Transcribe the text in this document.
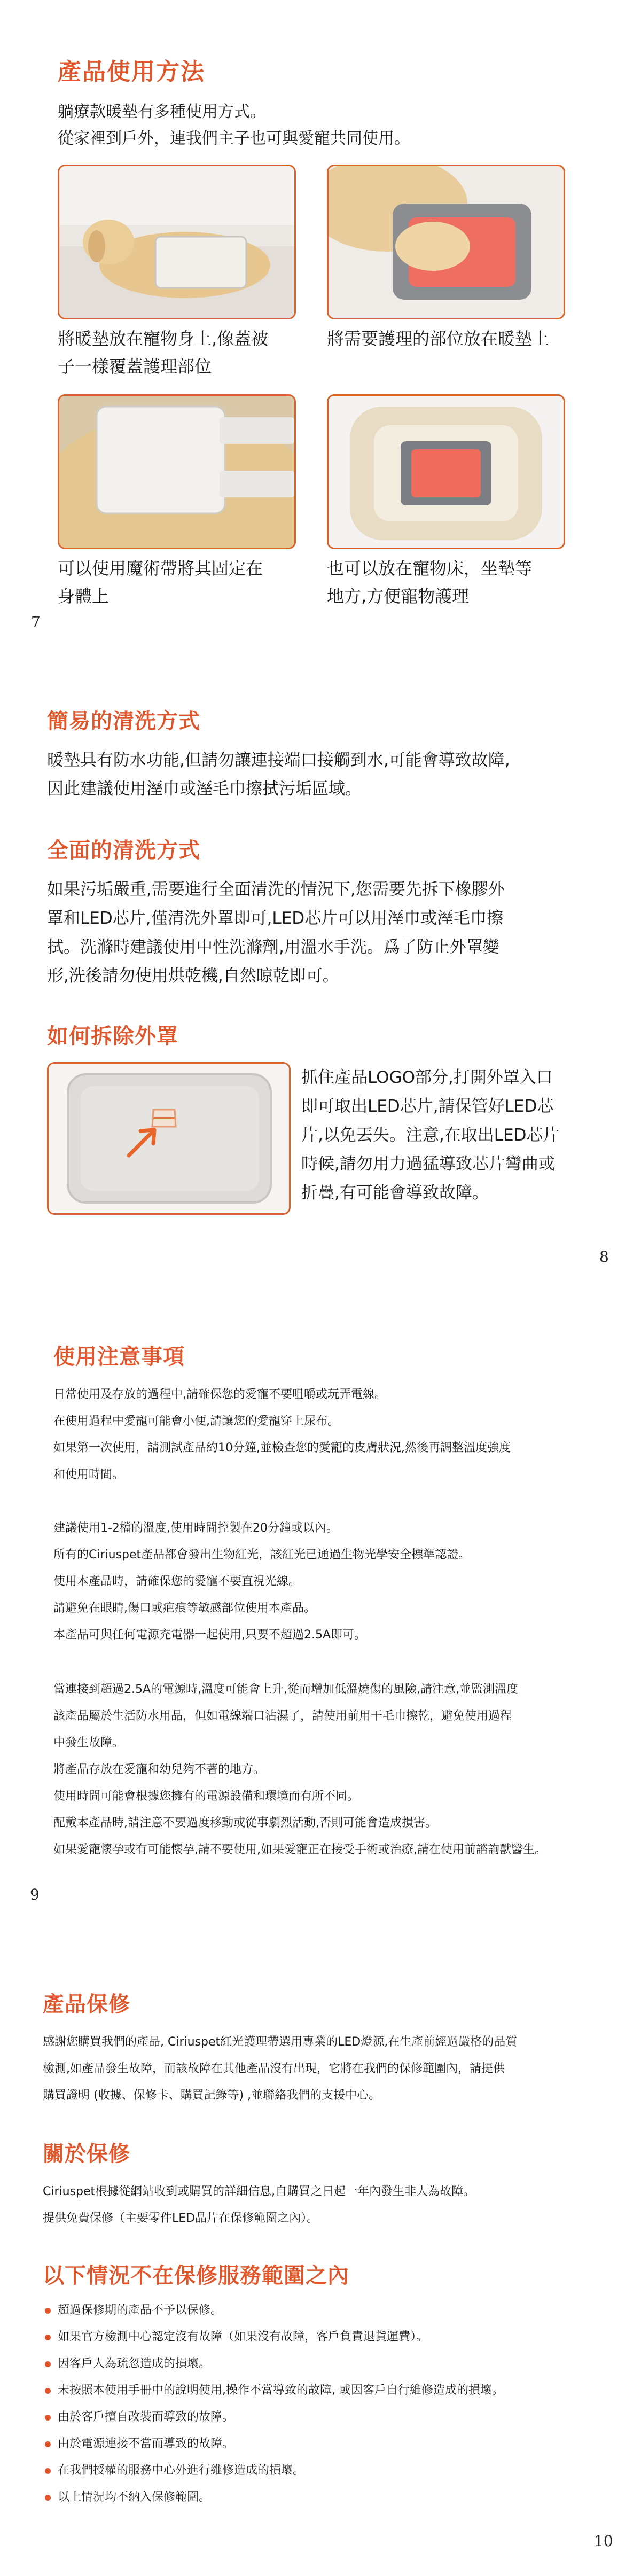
產品使用方法
躺療款暖墊有多種使用方式。
從家裡到戶外，連我們主子也可與愛寵共同使用。
將暖墊放在寵物身上,像蓋被
子一樣覆蓋護理部位
將需要護理的部位放在暖墊上
可以使用魔術帶將其固定在
身體上
也可以放在寵物床，坐墊等
地方,方便寵物護理
7
簡易的清洗方式
暖墊具有防水功能,但請勿讓連接端口接觸到水,可能會導致故障,
因此建議使用溼巾或溼毛巾擦拭污垢區域。
全面的清洗方式
如果污垢嚴重,需要進行全面清洗的情況下,您需要先拆下橡膠外
罩和LED芯片,僅清洗外罩即可,LED芯片可以用溼巾或溼毛巾擦
拭。洗滌時建議使用中性洗滌劑,用溫水手洗。爲了防止外罩變
形,洗後請勿使用烘乾機,自然晾乾即可。
如何拆除外罩
抓住產品LOGO部分,打開外罩入口
即可取出LED芯片,請保管好LED芯
片,以免丟失。注意,在取出LED芯片
時候,請勿用力過猛導致芯片彎曲或
折疊,有可能會導致故障。
8
使用注意事項
日常使用及存放的過程中,請確保您的愛寵不要咀嚼或玩弄電線。
在使用過程中愛寵可能會小便,請讓您的愛寵穿上尿布。
如果第一次使用，請測試產品約10分鐘,並檢查您的愛寵的皮膚狀況,然後再調整溫度強度
和使用時間。
建議使用1-2檔的溫度,使用時間控製在20分鐘或以內。
所有的Ciriuspet產品都會發出生物紅光，該紅光已通過生物光學安全標準認證。
使用本產品時，請確保您的愛寵不要直視光線。
請避免在眼睛,傷口或疤痕等敏感部位使用本產品。
本產品可與任何電源充電器一起使用,只要不超過2.5A即可。
當連接到超過2.5A的電源時,溫度可能會上升,從而增加低溫燒傷的風險,請注意,並監測溫度
該產品屬於生活防水用品，但如電線端口沾濕了，請使用前用干毛巾擦乾，避免使用過程
中發生故障。
將產品存放在愛寵和幼兒夠不著的地方。
使用時間可能會根據您擁有的電源設備和環境而有所不同。
配戴本產品時,請注意不要過度移動或從事劇烈活動,否則可能會造成損害。
如果愛寵懷孕或有可能懷孕,請不要使用,如果愛寵正在接受手術或治療,請在使用前諮詢獸醫生。
9
產品保修
感謝您購買我們的產品, Ciriuspet紅光護理帶選用專業的LED燈源,在生產前經過嚴格的品質
檢測,如產品發生故障，而該故障在其他產品沒有出現，它將在我們的保修範圍內，請提供
購買證明 (收據、保修卡、購買記錄等) ,並聯絡我們的支援中心。
關於保修
Ciriuspet根據從網站收到或購買的詳細信息,自購買之日起一年內發生非人為故障。
提供免費保修（主要零件LED晶片在保修範圍之內）。
以下情況不在保修服務範圍之內
超過保修期的產品不予以保修。
如果官方檢測中心認定沒有故障（如果沒有故障，客戶負責退貨運費）。
因客戶人為疏忽造成的損壞。
未按照本使用手冊中的說明使用,操作不當導致的故障, 或因客戶自行維修造成的損壞。
由於客戶擅自改裝而導致的故障。
由於電源連接不當而導致的故障。
在我們授權的服務中心外進行維修造成的損壞。
以上情況均不納入保修範圍。
10
